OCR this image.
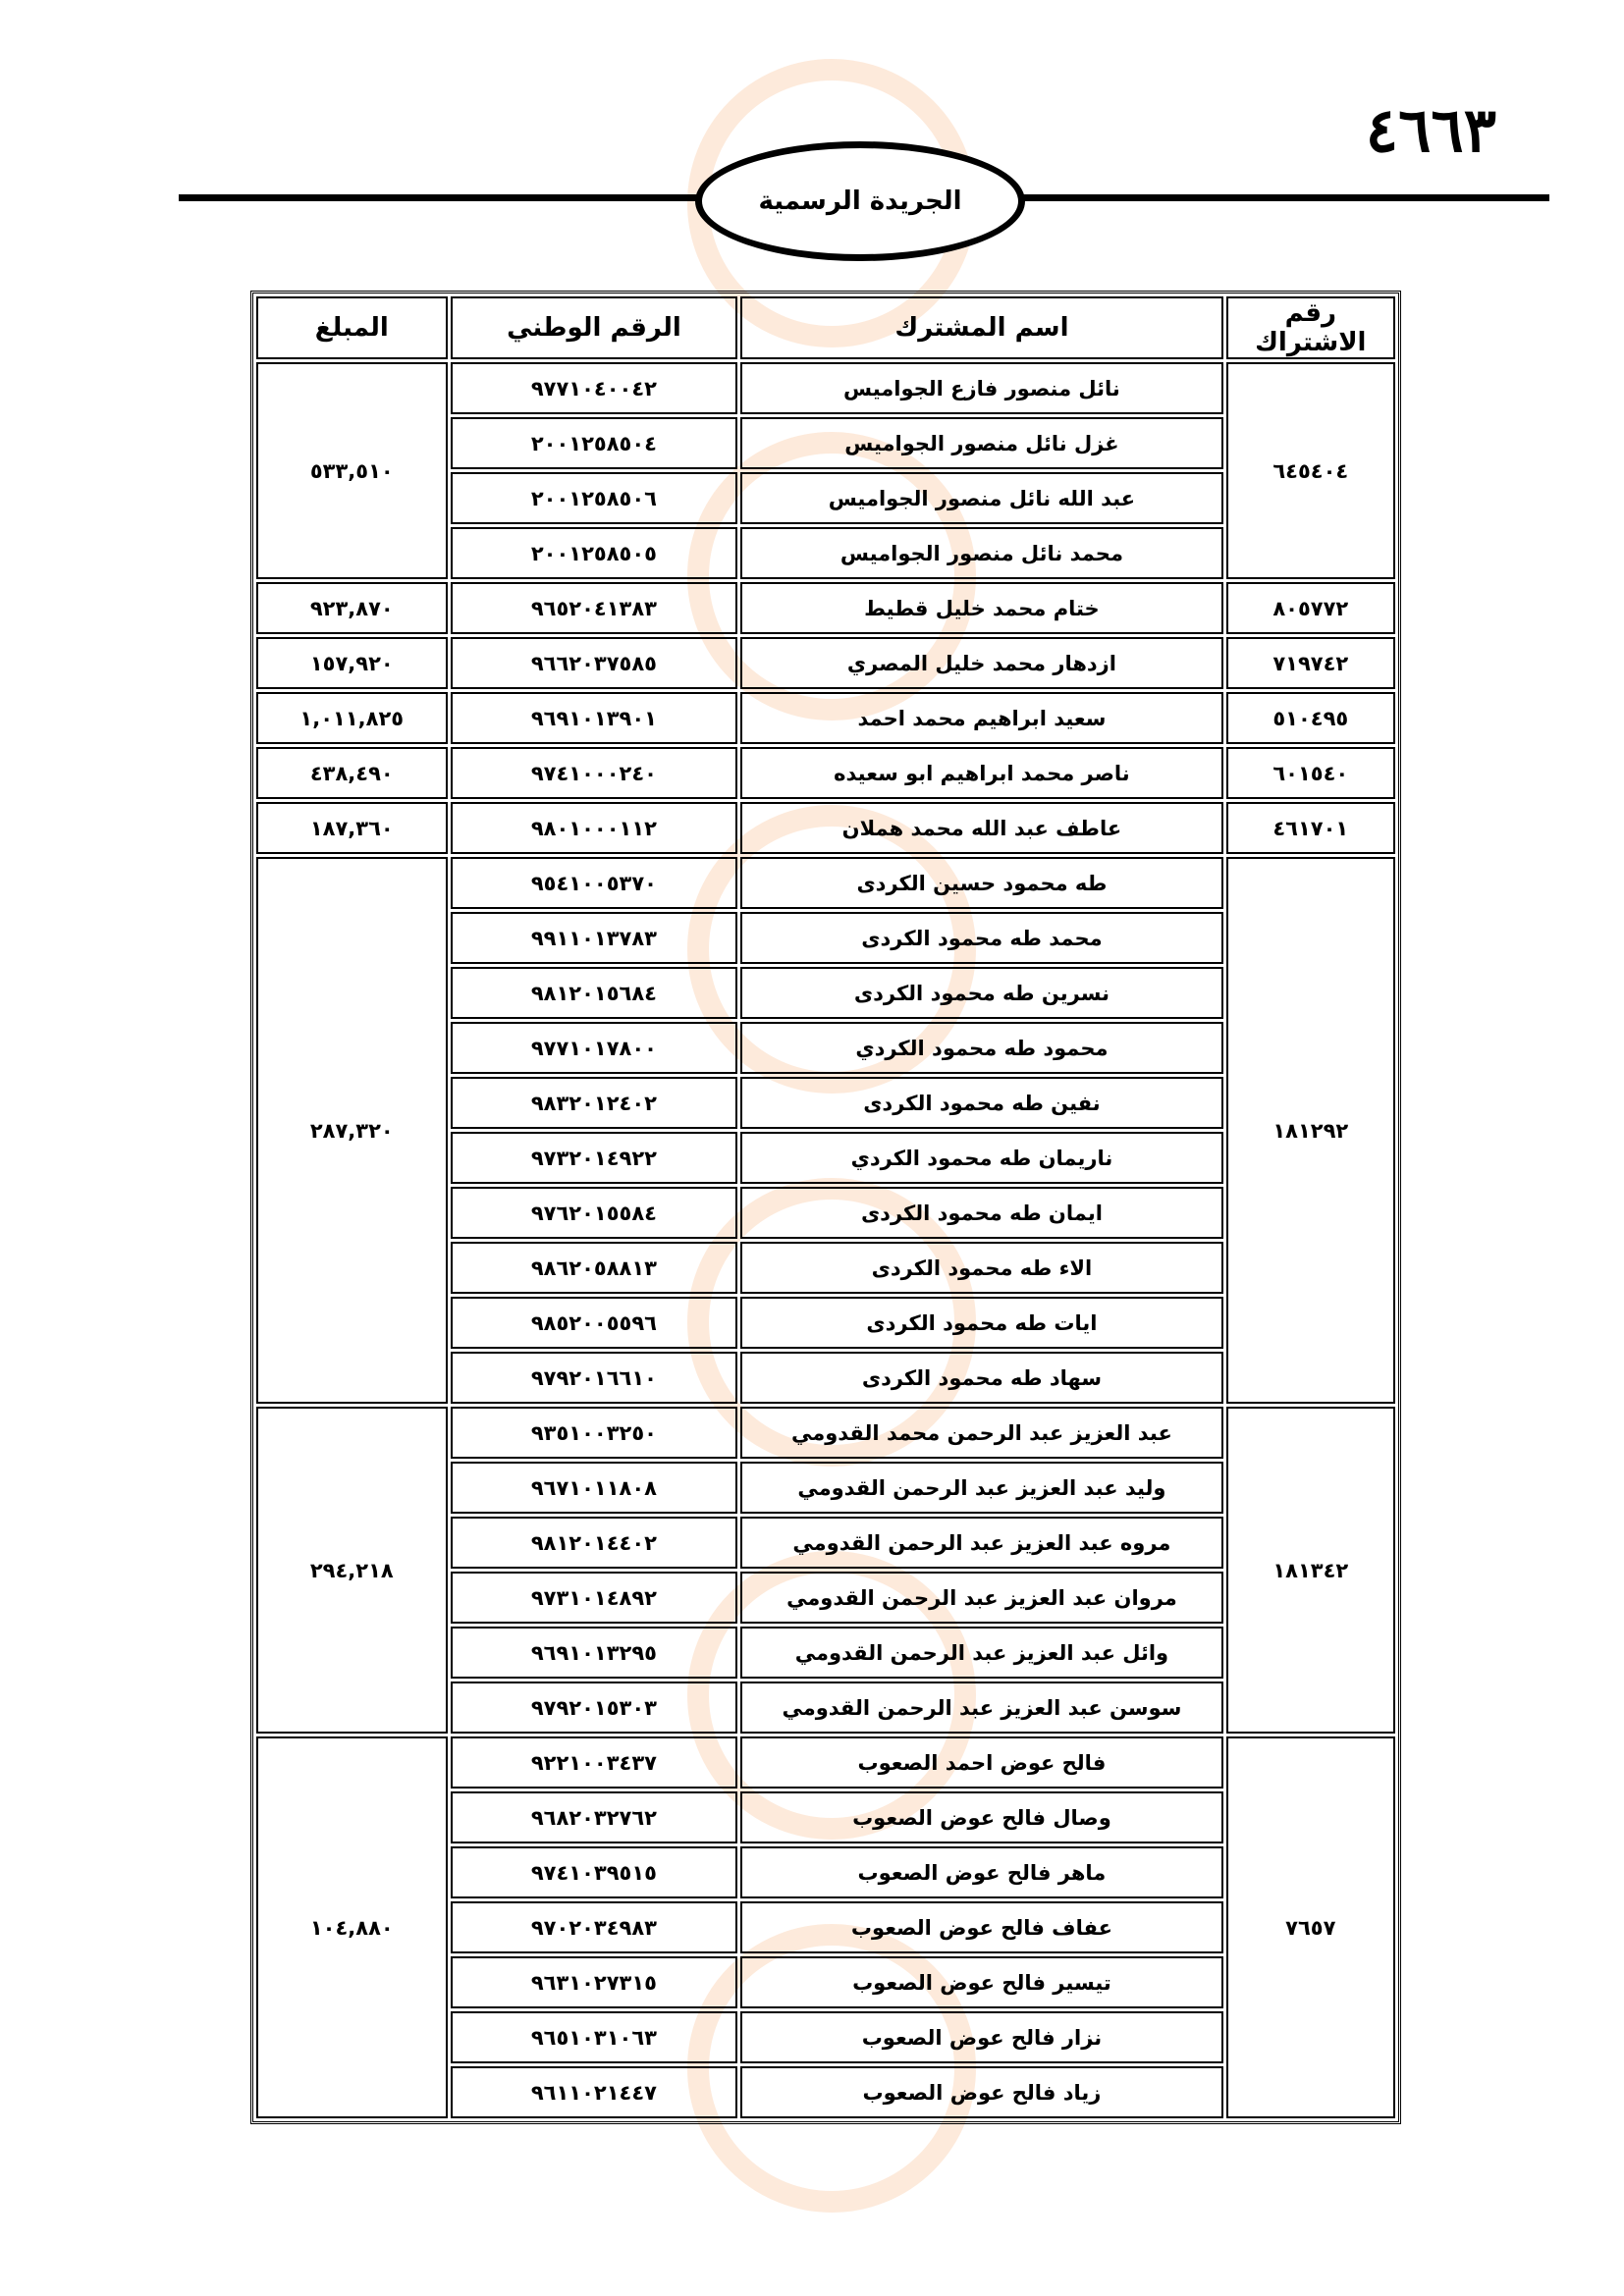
٤٦٦٣
الجريدة الرسمية
رقم الاشتراك	اسم المشترك	الرقم الوطني	المبلغ
٦٤٥٤٠٤	نائل منصور فازع الجواميس	٩٧٧١٠٤٠٠٤٢	٥٣٣,٥١٠
	غزل نائل منصور الجواميس	٢٠٠١٢٥٨٥٠٤	
	عبد الله نائل منصور الجواميس	٢٠٠١٢٥٨٥٠٦	
	محمد نائل منصور الجواميس	٢٠٠١٢٥٨٥٠٥	
٨٠٥٧٧٢	ختام محمد خليل قطيط	٩٦٥٢٠٤١٣٨٣	٩٢٣,٨٧٠
٧١٩٧٤٢	ازدهار محمد خليل المصري	٩٦٦٢٠٣٧٥٨٥	١٥٧,٩٢٠
٥١٠٤٩٥	سعيد ابراهيم محمد احمد	٩٦٩١٠١٣٩٠١	١,٠١١,٨٢٥
٦٠١٥٤٠	ناصر محمد ابراهيم ابو سعيده	٩٧٤١٠٠٠٢٤٠	٤٣٨,٤٩٠
٤٦١٧٠١	عاطف عبد الله محمد هملان	٩٨٠١٠٠٠١١٢	١٨٧,٣٦٠
١٨١٢٩٢	طه محمود حسين الكردى	٩٥٤١٠٠٥٣٧٠	٢٨٧,٣٢٠
	محمد طه محمود الكردى	٩٩١١٠١٣٧٨٣	
	نسرين طه محمود الكردى	٩٨١٢٠١٥٦٨٤	
	محمود طه محمود الكردي	٩٧٧١٠١٧٨٠٠	
	نفين طه محمود الكردى	٩٨٣٢٠١٢٤٠٢	
	ناريمان طه محمود الكردي	٩٧٣٢٠١٤٩٢٢	
	ايمان طه محمود الكردى	٩٧٦٢٠١٥٥٨٤	
	الاء طه محمود الكردى	٩٨٦٢٠٥٨٨١٣	
	ايات طه محمود الكردى	٩٨٥٢٠٠٥٥٩٦	
	سهاد طه محمود الكردى	٩٧٩٢٠١٦٦١٠	
١٨١٣٤٢	عبد العزيز عبد الرحمن محمد القدومي	٩٣٥١٠٠٣٢٥٠	٢٩٤,٢١٨
	وليد عبد العزيز عبد الرحمن القدومي	٩٦٧١٠١١٨٠٨	
	مروه عبد العزيز عبد الرحمن القدومي	٩٨١٢٠١٤٤٠٢	
	مروان عبد العزيز عبد الرحمن القدومي	٩٧٣١٠١٤٨٩٢	
	وائل عبد العزيز عبد الرحمن القدومي	٩٦٩١٠١٣٢٩٥	
	سوسن عبد العزيز عبد الرحمن القدومي	٩٧٩٢٠١٥٣٠٣	
٧٦٥٧	فالح عوض احمد الصعوب	٩٢٢١٠٠٣٤٣٧	١٠٤,٨٨٠
	وصال فالح عوض الصعوب	٩٦٨٢٠٣٢٧٦٢	
	ماهر فالح عوض الصعوب	٩٧٤١٠٣٩٥١٥	
	عفاف فالح عوض الصعوب	٩٧٠٢٠٣٤٩٨٣	
	تيسير فالح عوض الصعوب	٩٦٣١٠٢٧٣١٥	
	نزار فالح عوض الصعوب	٩٦٥١٠٣١٠٦٣	
	زياد فالح عوض الصعوب	٩٦١١٠٢١٤٤٧	
